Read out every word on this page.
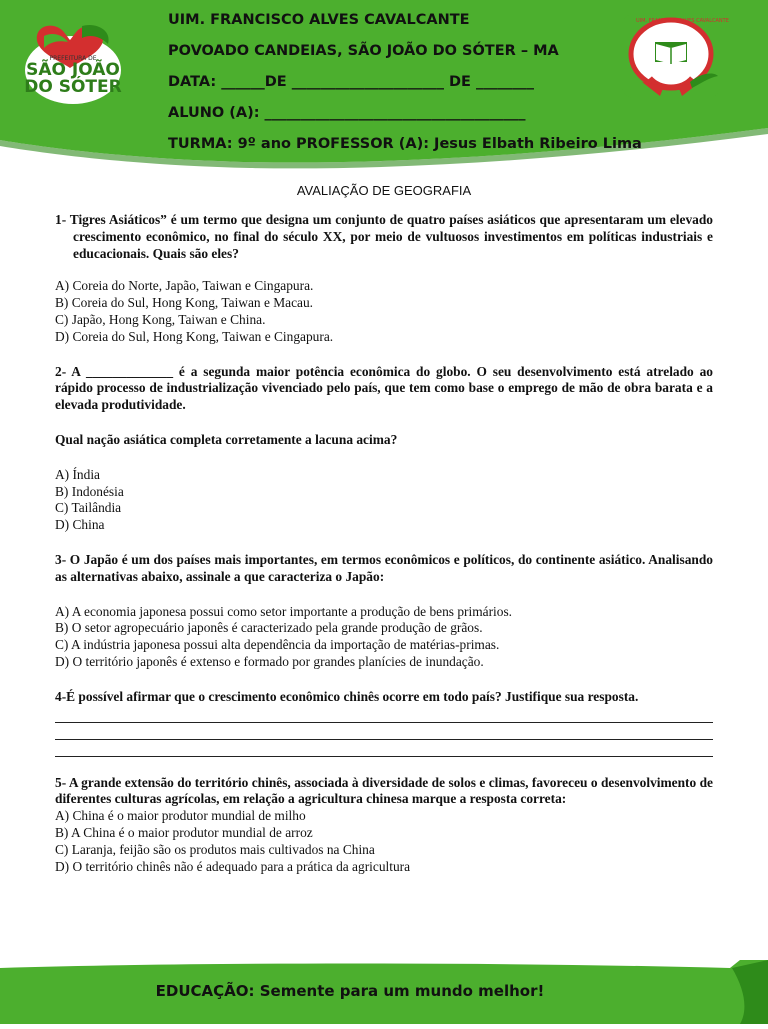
PREFEITURA DE
SÃO JOÃO
DO SÓTER
UIM. FRANCISCO ALVES CAVALCANTE
UIM. FRANCISCO ALVES CAVALCANTE
POVOADO CANDEIAS, SÃO JOÃO DO SÓTER – MA
DATA: ______DE _____________________ DE ________
ALUNO (A): ____________________________________
TURMA: 9º ano PROFESSOR (A): Jesus Elbath Ribeiro Lima
AVALIAÇÃO DE GEOGRAFIA
1- Tigres Asiáticos” é um termo que designa um conjunto de quatro países asiáticos que apresentaram um elevado crescimento econômico, no final do século XX, por meio de vultuosos investimentos em políticas industriais e educacionais. Quais são eles?
A) Coreia do Norte, Japão, Taiwan e Cingapura.
B) Coreia do Sul, Hong Kong, Taiwan e Macau.
C) Japão, Hong Kong, Taiwan e China.
D) Coreia do Sul, Hong Kong, Taiwan e Cingapura.
2- A _____________ é a segunda maior potência econômica do globo. O seu desenvolvimento está atrelado ao rápido processo de industrialização vivenciado pelo país, que tem como base o emprego de mão de obra barata e a elevada produtividade.
Qual nação asiática completa corretamente a lacuna acima?
A) Índia
B) Indonésia
C) Tailândia
D) China
3- O Japão é um dos países mais importantes, em termos econômicos e políticos, do continente asiático. Analisando as alternativas abaixo, assinale a que caracteriza o Japão:
A) A economia japonesa possui como setor importante a produção de bens primários.
B) O setor agropecuário japonês é caracterizado pela grande produção de grãos.
C) A indústria japonesa possui alta dependência da importação de matérias-primas.
D) O território japonês é extenso e formado por grandes planícies de inundação.
4-É possível afirmar que o crescimento econômico chinês ocorre em todo país? Justifique sua resposta.
5- A grande extensão do território chinês, associada à diversidade de solos e climas, favoreceu o desenvolvimento de diferentes culturas agrícolas, em relação a agricultura chinesa marque a resposta correta:
A) China é o maior produtor mundial de milho
B) A China é o maior produtor mundial de arroz
C) Laranja, feijão são os produtos mais cultivados na China
D) O território chinês não é adequado para a prática da agricultura
EDUCAÇÃO: Semente para um mundo melhor!
